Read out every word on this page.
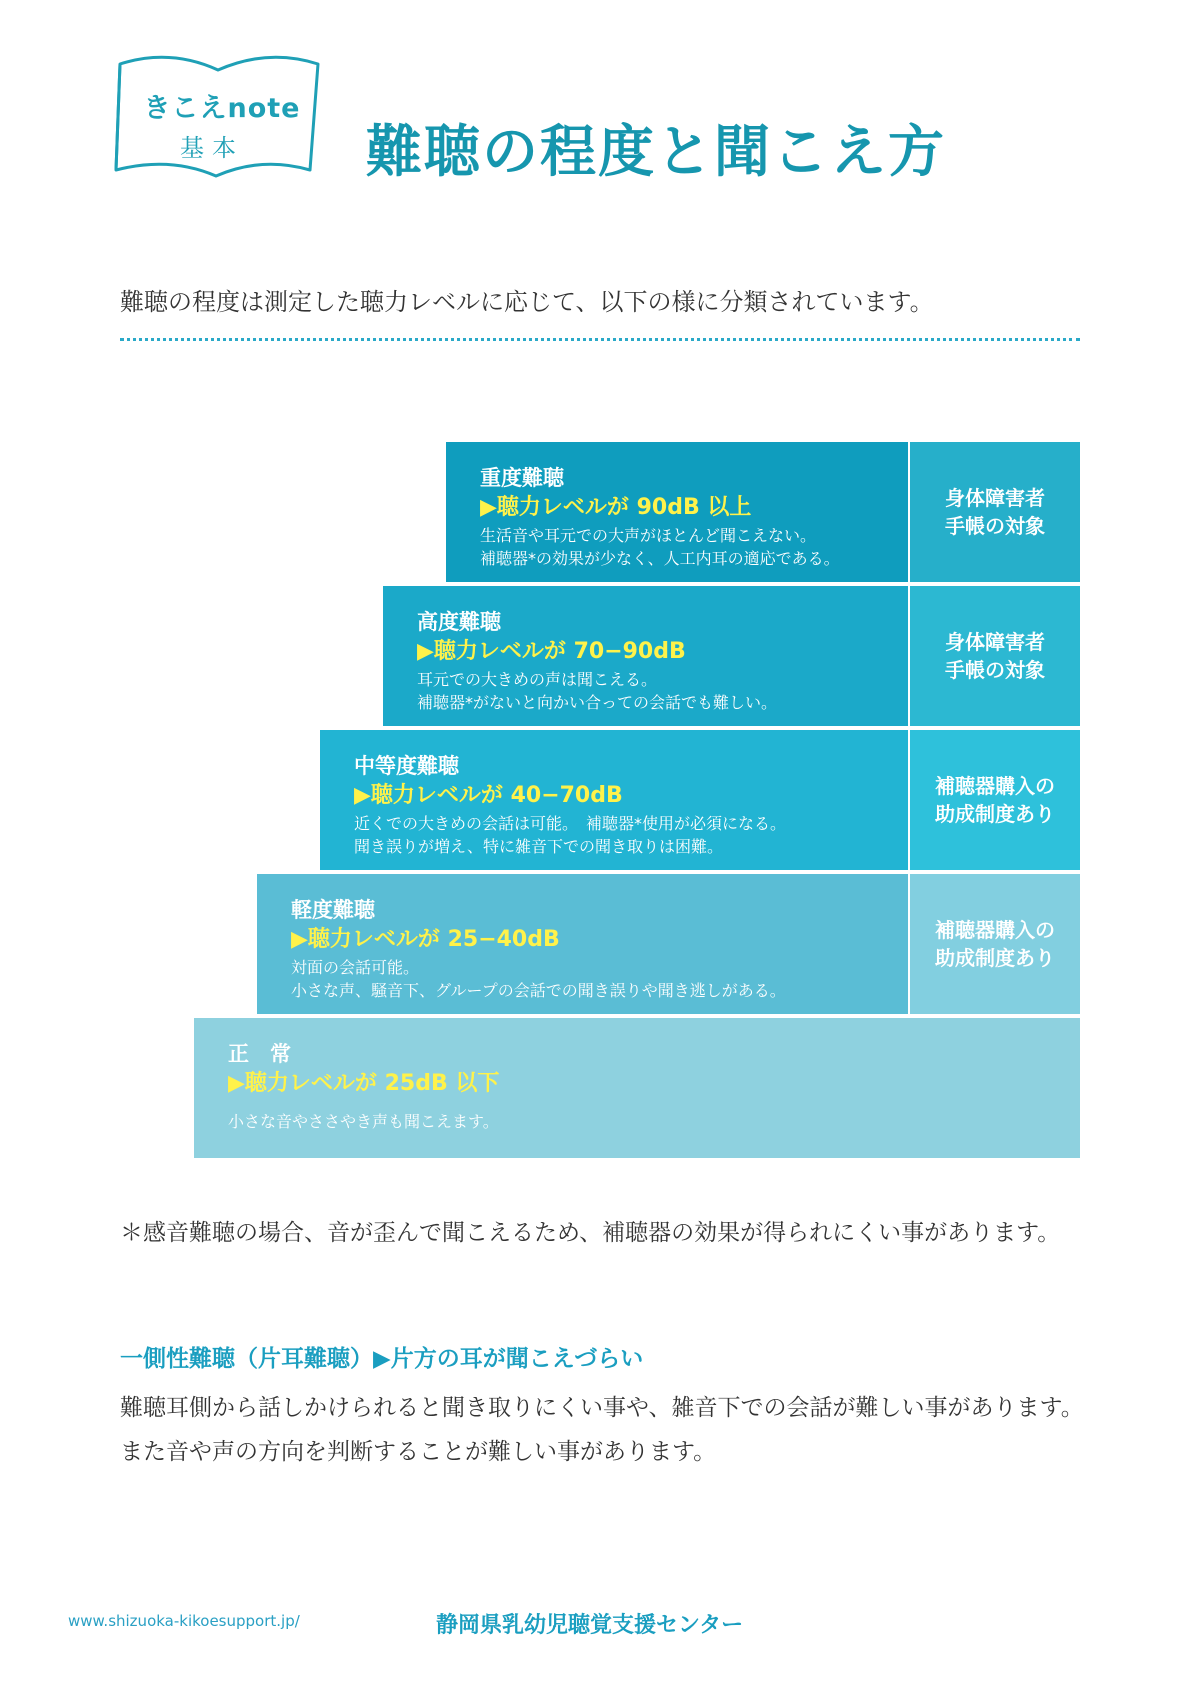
きこえnote
基本	難聴の程度と聞こえ方
難聴の程度は測定した聴力レベルに応じて、以下の様に分類されています。
重度難聴
▶聴力レベルが 90dB 以上
生活音や耳元での大声がほとんど聞こえない。
補聴器*の効果が少なく、人工内耳の適応である。
身体障害者
手帳の対象
高度難聴
▶聴力レベルが 70−90dB
耳元での大きめの声は聞こえる。
補聴器*がないと向かい合っての会話でも難しい。
身体障害者
手帳の対象
中等度難聴
▶聴力レベルが 40−70dB
近くでの大きめの会話は可能。　補聴器*使用が必須になる。
聞き誤りが増え、特に雑音下での聞き取りは困難。
補聴器購入の
助成制度あり
軽度難聴
▶聴力レベルが 25−40dB
対面の会話可能。
小さな声、騒音下、グループの会話での聞き誤りや聞き逃しがある。
補聴器購入の
助成制度あり
正　常
▶聴力レベルが 25dB 以下
小さな音やささやき声も聞こえます。
＊感音難聴の場合、音が歪んで聞こえるため、補聴器の効果が得られにくい事があります。
一側性難聴（片耳難聴）▶片方の耳が聞こえづらい
難聴耳側から話しかけられると聞き取りにくい事や、雑音下での会話が難しい事があります。
また音や声の方向を判断することが難しい事があります。
www.shizuoka-kikoesupport.jp/	静岡県乳幼児聴覚支援センター
